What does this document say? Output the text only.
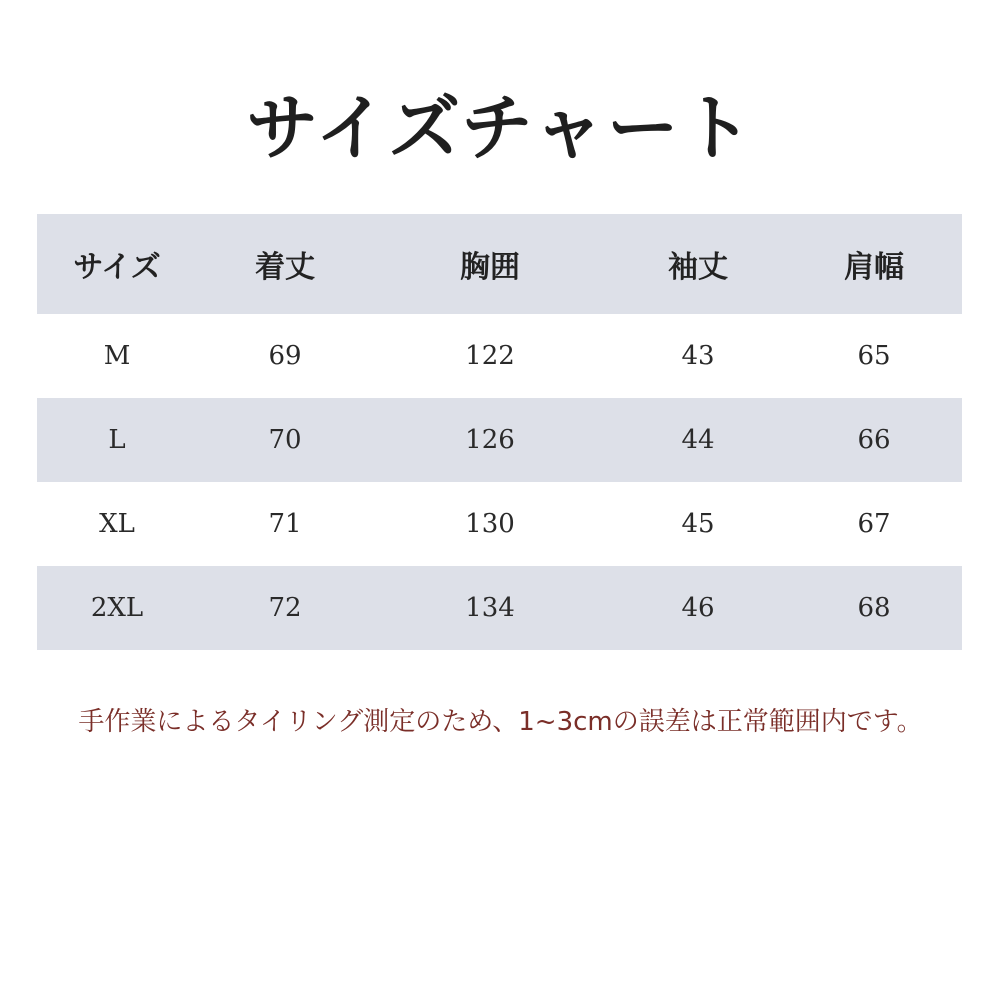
サイズチャート
サイズ	着丈	胸囲	袖丈	肩幅
M	69	122	43	65
L	70	126	44	66
XL	71	130	45	67
2XL	72	134	46	68
手作業によるタイリング測定のため、1~3cmの誤差は正常範囲内です。
